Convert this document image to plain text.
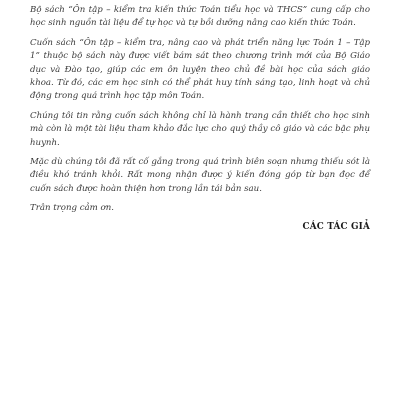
Bộ sách “Ôn tập – kiểm tra kiến thức Toán tiểu học và THCS” cung cấp cho học sinh nguồn tài liệu để tự học và tự bồi dưỡng nâng cao kiến thức Toán.

Cuốn sách “Ôn tập – kiểm tra, nâng cao và phát triển năng lực Toán 1 – Tập 1” thuộc bộ sách này được viết bám sát theo chương trình mới của Bộ Giáo dục và Đào tạo, giúp các em ôn luyện theo chủ đề bài học của sách giáo khoa. Từ đó, các em học sinh có thể phát huy tính sáng tạo, linh hoạt và chủ động trong quá trình học tập môn Toán.

Chúng tôi tin rằng cuốn sách không chỉ là hành trang cần thiết cho học sinh mà còn là một tài liệu tham khảo đắc lực cho quý thầy cô giáo và các bậc phụ huynh.

Mặc dù chúng tôi đã rất cố gắng trong quá trình biên soạn nhưng thiếu sót là điều khó tránh khỏi. Rất mong nhận được ý kiến đóng góp từ bạn đọc để cuốn sách được hoàn thiện hơn trong lần tái bản sau.

Trân trọng cảm ơn.

CÁC TÁC GIẢ
